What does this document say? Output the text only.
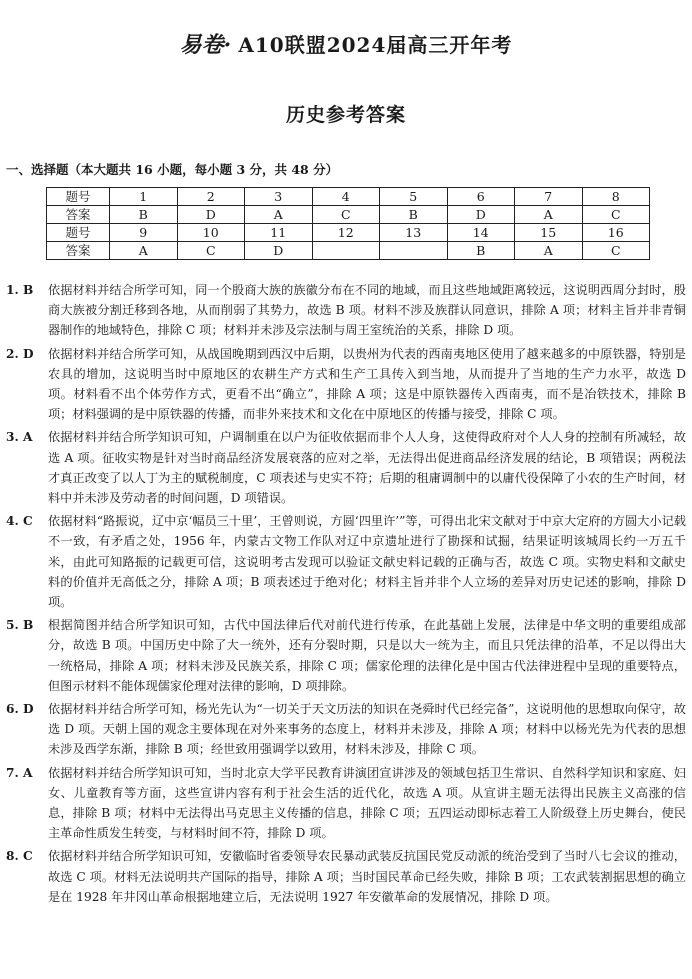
易卷· A10联盟2024届高三开年考
历史参考答案
一、选择题（本大题共 16 小题，每小题 3 分，共 48 分）
题号	1	2	3	4	5	6	7	8
答案	B	D	A	C	B	D	A	C
题号	9	10	11	12	13	14	15	16
答案	A	C	D			B	A	C
1. B	依据材料并结合所学可知，同一个殷商大族的族徽分布在不同的地域，而且这些地域距离较远，这说明西周分封时，殷商大族被分割迁移到各地，从而削弱了其势力，故选 B 项。材料不涉及族群认同意识，排除 A 项；材料主旨并非青铜器制作的地域特色，排除 C 项；材料并未涉及宗法制与周王室统治的关系，排除 D 项。
2. D	依据材料并结合所学可知，从战国晚期到西汉中后期，以贵州为代表的西南夷地区使用了越来越多的中原铁器，特别是农具的增加，这说明当时中原地区的农耕生产方式和生产工具传入到当地，从而提升了当地的生产力水平，故选 D 项。材料看不出个体劳作方式，更看不出“确立”，排除 A 项；这是中原铁器传入西南夷，而不是冶铁技术，排除 B 项；材料强调的是中原铁器的传播，而非外来技术和文化在中原地区的传播与接受，排除 C 项。
3. A	依据材料并结合所学知识可知，户调制重在以户为征收依据而非个人人身，这使得政府对个人人身的控制有所减轻，故选 A 项。征收实物是针对当时商品经济发展衰落的应对之举，无法得出促进商品经济发展的结论，B 项错误；两税法才真正改变了以人丁为主的赋税制度，C 项表述与史实不符；后期的租庸调制中的以庸代役保障了小农的生产时间，材料中并未涉及劳动者的时间问题，D 项错误。
4. C	依据材料“路振说，辽中京‘幅员三十里’，王曾则说，方圆‘四里许’”等，可得出北宋文献对于中京大定府的方圆大小记载不一致，有矛盾之处，1956 年，内蒙古文物工作队对辽中京遗址进行了勘探和试掘，结果证明该城周长约一万五千米，由此可知路振的记载更可信，这说明考古发现可以验证文献史料记载的正确与否，故选 C 项。实物史料和文献史料的价值并无高低之分，排除 A 项；B 项表述过于绝对化；材料主旨并非个人立场的差异对历史记述的影响，排除 D 项。
5. B	根据简图并结合所学知识可知，古代中国法律后代对前代进行传承，在此基础上发展，法律是中华文明的重要组成部分，故选 B 项。中国历史中除了大一统外，还有分裂时期，只是以大一统为主，而且只凭法律的沿革，不足以得出大一统格局，排除 A 项；材料未涉及民族关系，排除 C 项；儒家伦理的法律化是中国古代法律进程中呈现的重要特点，但图示材料不能体现儒家伦理对法律的影响，D 项排除。
6. D	依据材料并结合所学可知，杨光先认为“一切关于天文历法的知识在尧舜时代已经完备”，这说明他的思想取向保守，故选 D 项。天朝上国的观念主要体现在对外来事务的态度上，材料并未涉及，排除 A 项；材料中以杨光先为代表的思想未涉及西学东渐，排除 B 项；经世致用强调学以致用，材料未涉及，排除 C 项。
7. A	依据材料并结合所学知识可知，当时北京大学平民教育讲演团宣讲涉及的领域包括卫生常识、自然科学知识和家庭、妇女、儿童教育等方面，这些宣讲内容有利于社会生活的近代化，故选 A 项。从宣讲主题无法得出民族主义高涨的信息，排除 B 项；材料中无法得出马克思主义传播的信息，排除 C 项；五四运动即标志着工人阶级登上历史舞台，使民主革命性质发生转变，与材料时间不符，排除 D 项。
8. C	依据材料并结合所学知识可知，安徽临时省委领导农民暴动武装反抗国民党反动派的统治受到了当时八七会议的推动，故选 C 项。材料无法说明共产国际的指导，排除 A 项；当时国民革命已经失败，排除 B 项；工农武装割据思想的确立是在 1928 年井冈山革命根据地建立后，无法说明 1927 年安徽革命的发展情况，排除 D 项。
